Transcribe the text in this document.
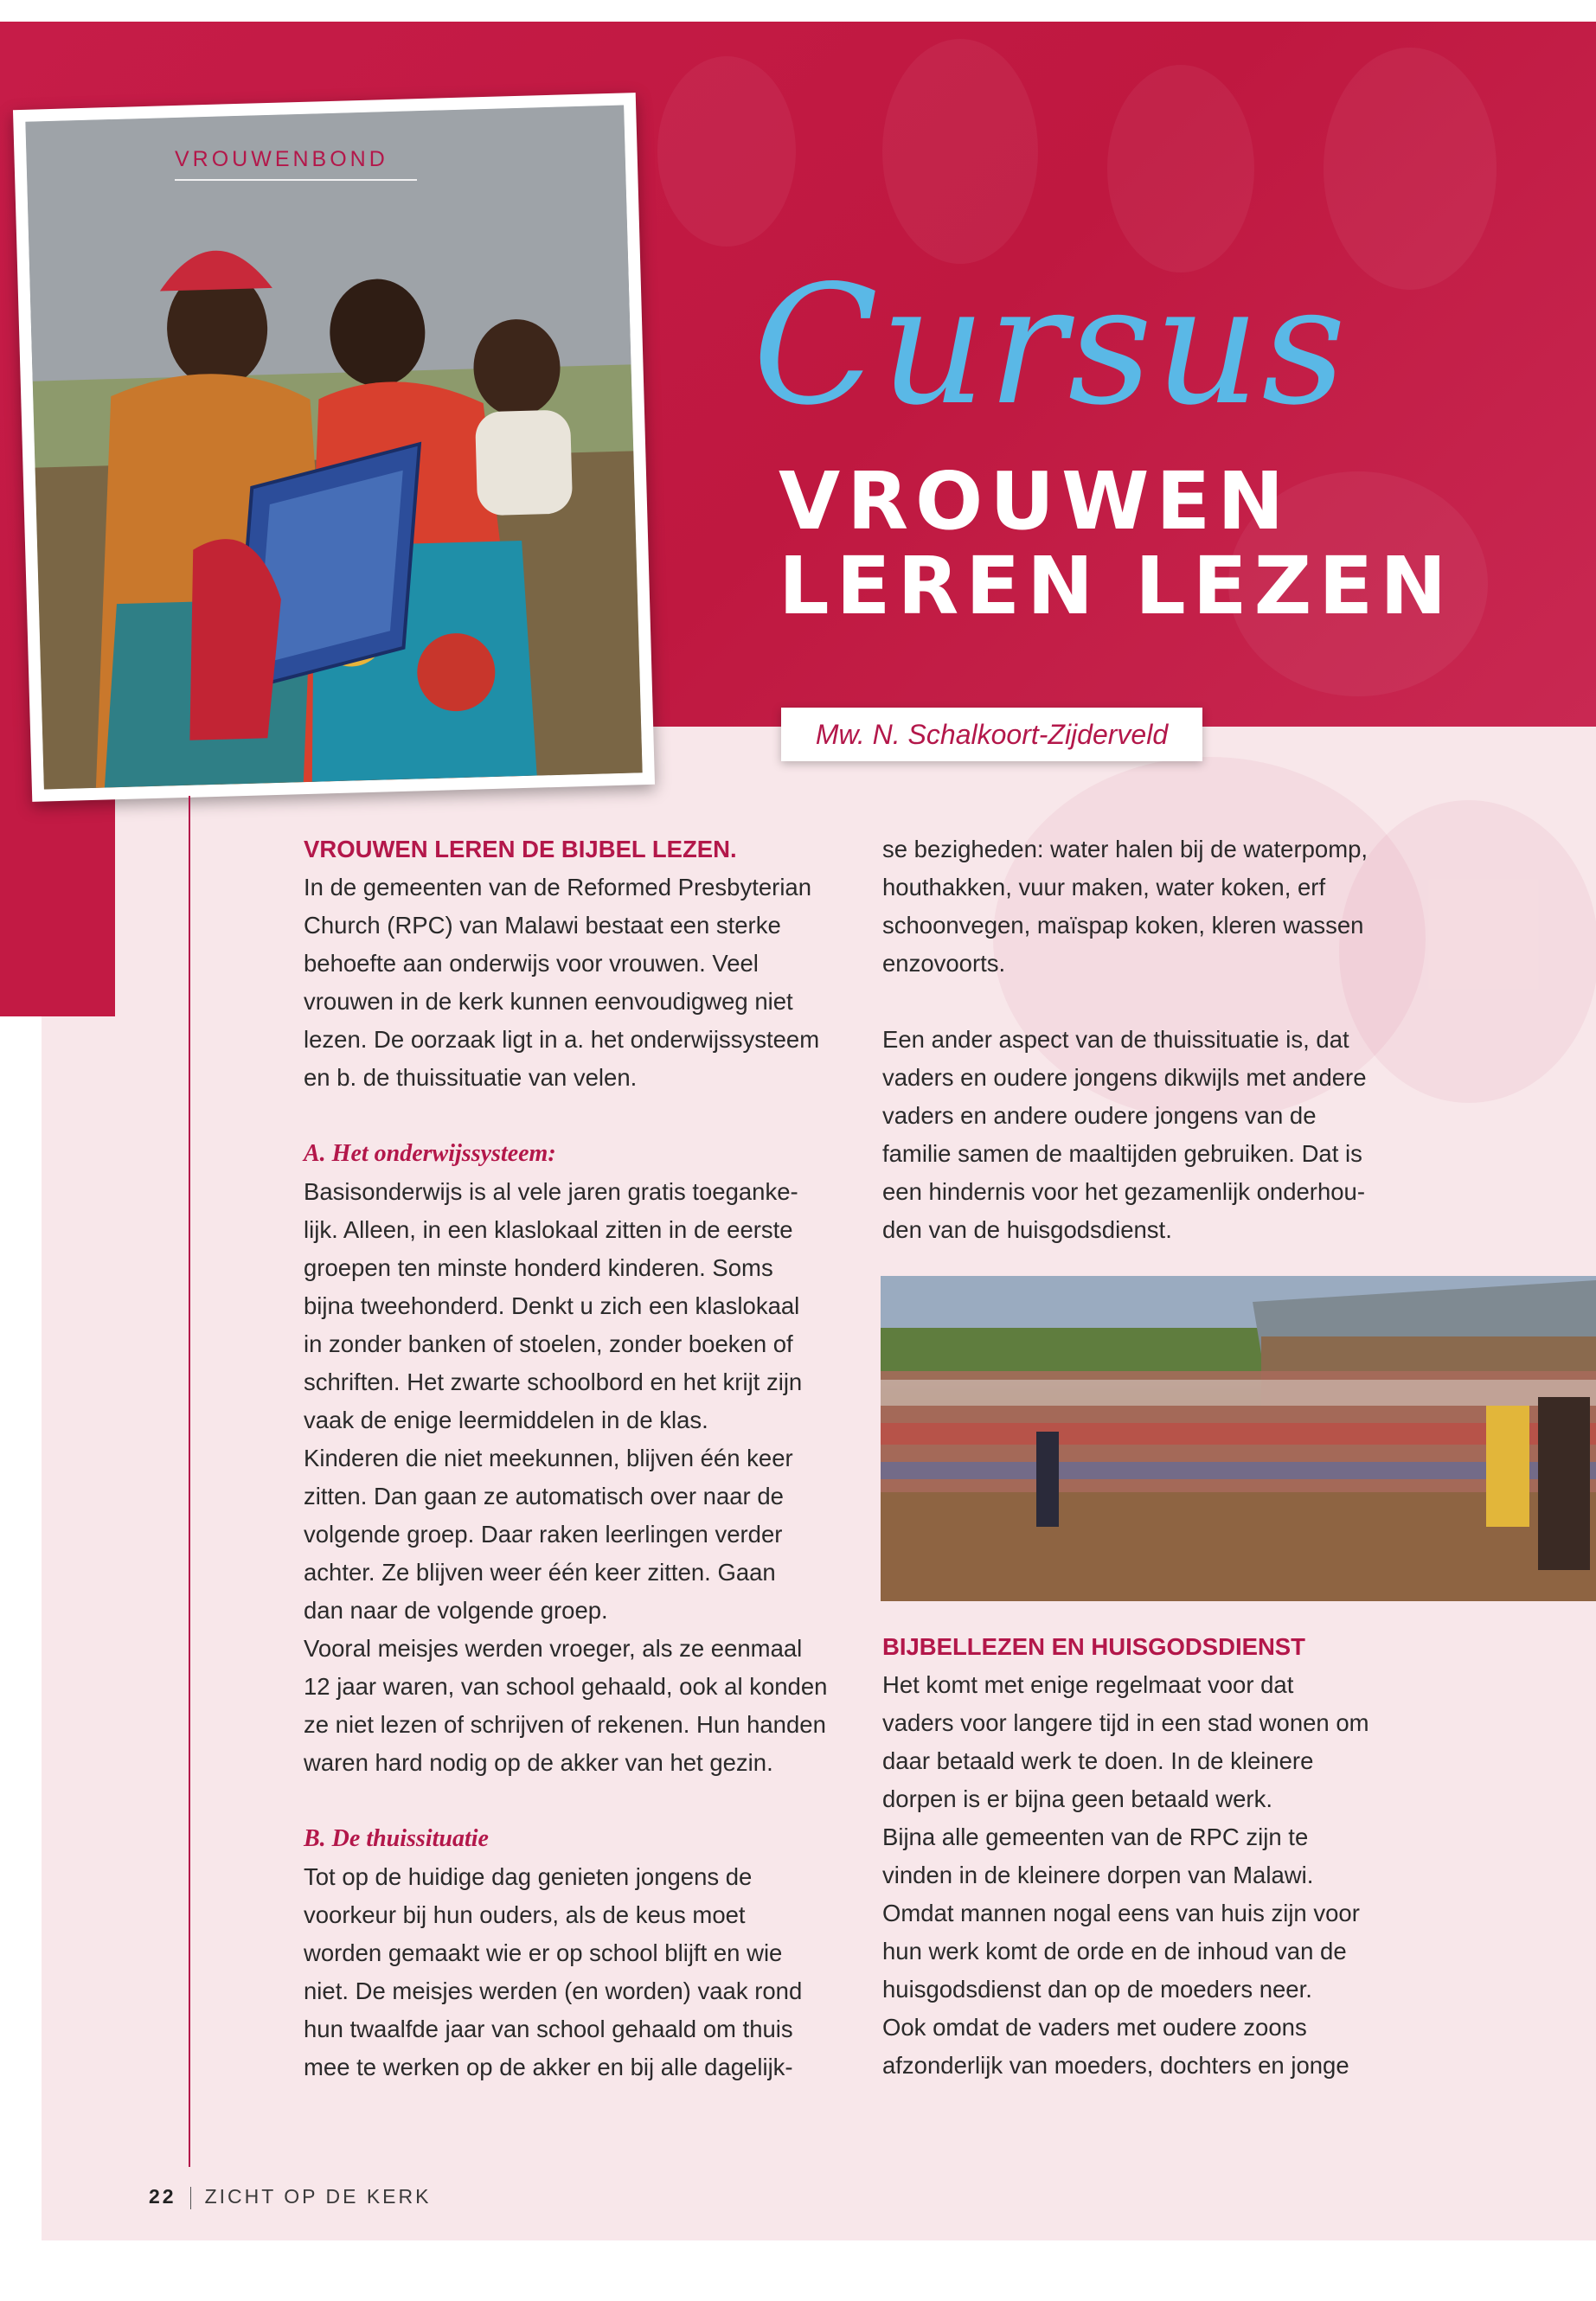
VROUWENBOND
Cursus
VROUWEN
LEREN LEZEN
Mw. N. Schalkoort-Zijderveld

VROUWEN LEREN DE BIJBEL LEZEN.

In de gemeenten van de Reformed Presbyterian

Church (RPC) van Malawi bestaat een sterke

behoefte aan onderwijs voor vrouwen. Veel

vrouwen in de kerk kunnen eenvoudigweg niet

lezen. De oorzaak ligt in a. het onderwijssysteem

en b. de thuissituatie van velen.

A. Het onderwijssysteem:

Basisonderwijs is al vele jaren gratis toeganke-

lijk. Alleen, in een klaslokaal zitten in de eerste

groepen ten minste honderd kinderen. Soms

bijna tweehonderd. Denkt u zich een klaslokaal

in zonder banken of stoelen, zonder boeken of

schriften. Het zwarte schoolbord en het krijt zijn

vaak de enige leermiddelen in de klas.

Kinderen die niet meekunnen, blijven één keer

zitten. Dan gaan ze automatisch over naar de

volgende groep. Daar raken leerlingen verder

achter. Ze blijven weer één keer zitten. Gaan

dan naar de volgende groep.

Vooral meisjes werden vroeger, als ze eenmaal

12 jaar waren, van school gehaald, ook al konden

ze niet lezen of schrijven of rekenen. Hun handen

waren hard nodig op de akker van het gezin.

B. De thuissituatie

Tot op de huidige dag genieten jongens de

voorkeur bij hun ouders, als de keus moet

worden gemaakt wie er op school blijft en wie

niet. De meisjes werden (en worden) vaak rond

hun twaalfde jaar van school gehaald om thuis

mee te werken op de akker en bij alle dagelijk-

se bezigheden: water halen bij de waterpomp,

houthakken, vuur maken, water koken, erf

schoonvegen, maïspap koken, kleren wassen

enzovoorts.

Een ander aspect van de thuissituatie is, dat

vaders en oudere jongens dikwijls met andere

vaders en andere oudere jongens van de

familie samen de maaltijden gebruiken. Dat is

een hindernis voor het gezamenlijk onderhou-

den van de huisgodsdienst.

BIJBELLEZEN EN HUISGODSDIENST

Het komt met enige regelmaat voor dat

vaders voor langere tijd in een stad wonen om

daar betaald werk te doen. In de kleinere

dorpen is er bijna geen betaald werk.

Bijna alle gemeenten van de RPC zijn te

vinden in de kleinere dorpen van Malawi.

Omdat mannen nogal eens van huis zijn voor

hun werk komt de orde en de inhoud van de

huisgodsdienst dan op de moeders neer.

Ook omdat de vaders met oudere zoons

afzonderlijk van moeders, dochters en jonge

22 ZICHT OP DE KERK
